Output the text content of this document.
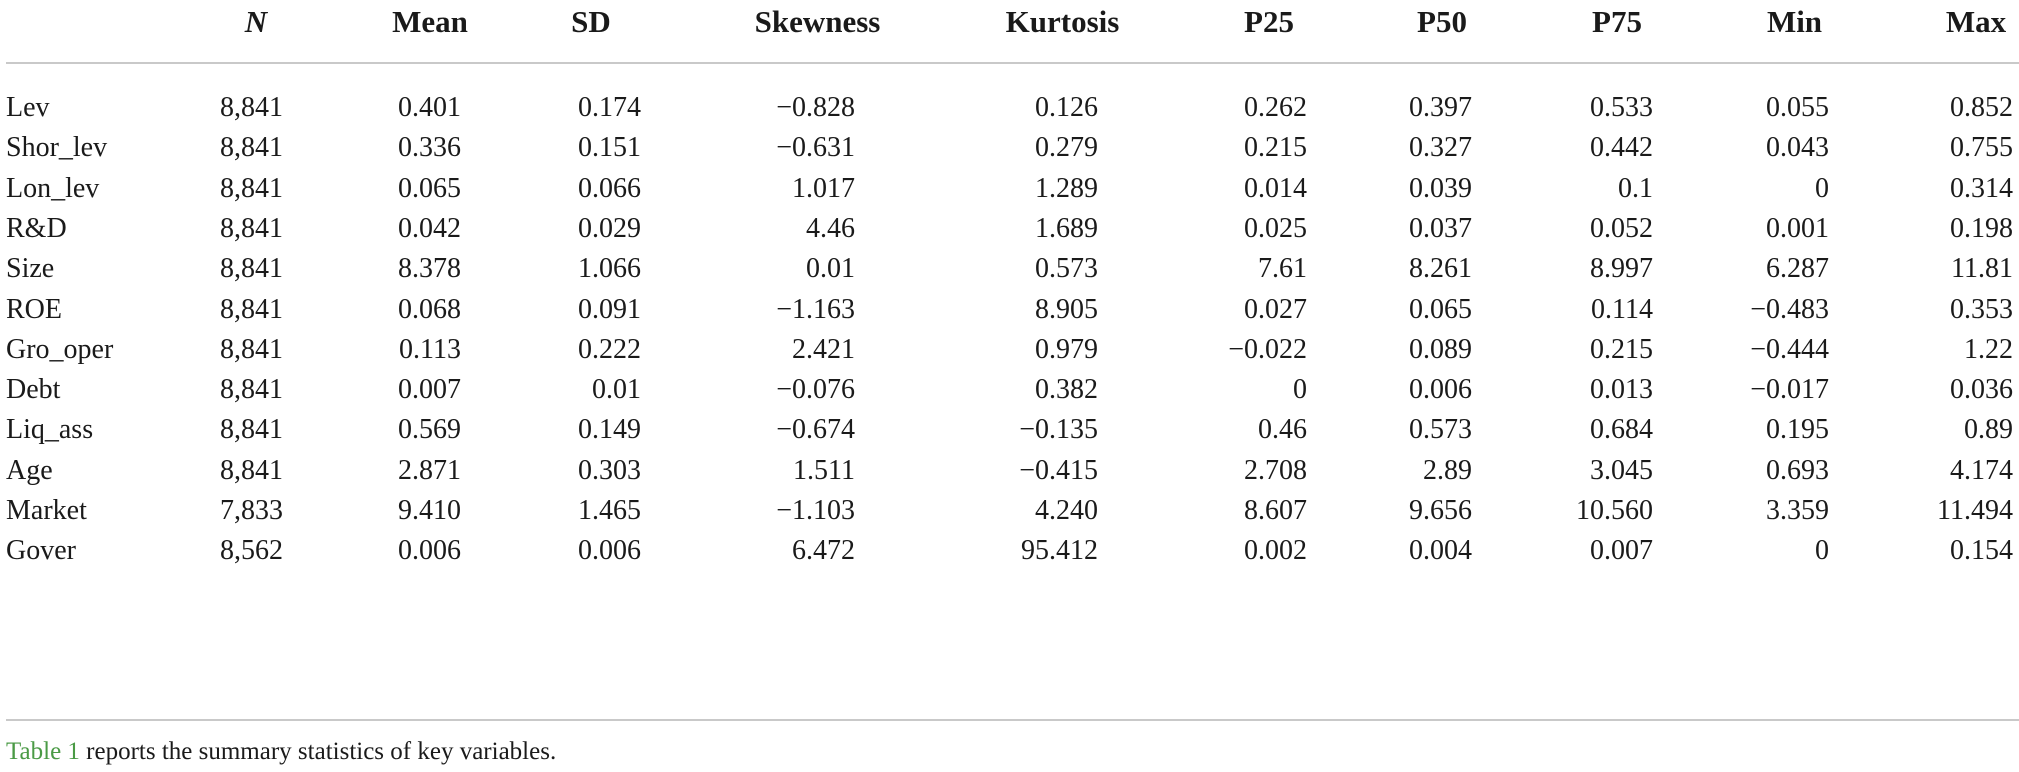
N	Mean	SD	Skewness	Kurtosis	P25	P50	P75	Min	Max
Lev	8,841	0.401	0.174	−0.828	0.126	0.262	0.397	0.533	0.055	0.852
Shor_lev	8,841	0.336	0.151	−0.631	0.279	0.215	0.327	0.442	0.043	0.755
Lon_lev	8,841	0.065	0.066	1.017	1.289	0.014	0.039	0.1	0	0.314
R&D	8,841	0.042	0.029	4.46	1.689	0.025	0.037	0.052	0.001	0.198
Size	8,841	8.378	1.066	0.01	0.573	7.61	8.261	8.997	6.287	11.81
ROE	8,841	0.068	0.091	−1.163	8.905	0.027	0.065	0.114	−0.483	0.353
Gro_oper	8,841	0.113	0.222	2.421	0.979	−0.022	0.089	0.215	−0.444	1.22
Debt	8,841	0.007	0.01	−0.076	0.382	0	0.006	0.013	−0.017	0.036
Liq_ass	8,841	0.569	0.149	−0.674	−0.135	0.46	0.573	0.684	0.195	0.89
Age	8,841	2.871	0.303	1.511	−0.415	2.708	2.89	3.045	0.693	4.174
Market	7,833	9.410	1.465	−1.103	4.240	8.607	9.656	10.560	3.359	11.494
Gover	8,562	0.006	0.006	6.472	95.412	0.002	0.004	0.007	0	0.154
Table 1 reports the summary statistics of key variables.
